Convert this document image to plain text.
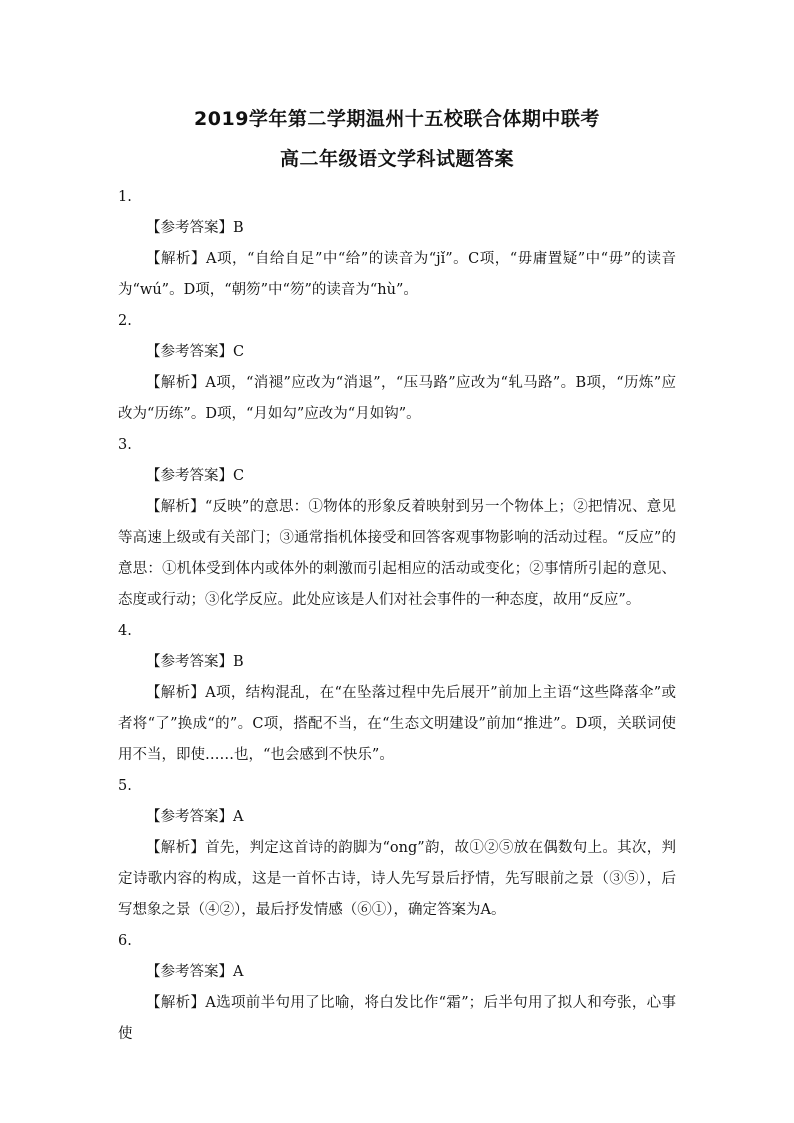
2019学年第二学期温州十五校联合体期中联考
高二年级语文学科试题答案

1.

【参考答案】B

【解析】A项，“自给自足”中“给”的读音为“jǐ”。C项，“毋庸置疑”中“毋”的读音为“wú”。D项，“朝笏”中“笏”的读音为“hù”。

2.

【参考答案】C

【解析】A项，“消褪”应改为“消退”，“压马路”应改为“轧马路”。B项，“历炼”应改为“历练”。D项，“月如勾”应改为“月如钩”。

3.

【参考答案】C

【解析】“反映”的意思：①物体的形象反着映射到另一个物体上；②把情况、意见等高速上级或有关部门；③通常指机体接受和回答客观事物影响的活动过程。“反应”的意思：①机体受到体内或体外的刺激而引起相应的活动或变化；②事情所引起的意见、态度或行动；③化学反应。此处应该是人们对社会事件的一种态度，故用“反应”。

4.

【参考答案】B

【解析】A项，结构混乱，在“在坠落过程中先后展开”前加上主语“这些降落伞”或者将“了”换成“的”。C项，搭配不当，在“生态文明建设”前加“推进”。D项，关联词使用不当，即使……也，“也会感到不快乐”。

5.

【参考答案】A

【解析】首先，判定这首诗的韵脚为“ong”韵，故①②⑤放在偶数句上。其次，判定诗歌内容的构成，这是一首怀古诗，诗人先写景后抒情，先写眼前之景（③⑤），后写想象之景（④②），最后抒发情感（⑥①），确定答案为A。

6.

【参考答案】A

【解析】A选项前半句用了比喻，将白发比作“霜”；后半句用了拟人和夸张，心事使
